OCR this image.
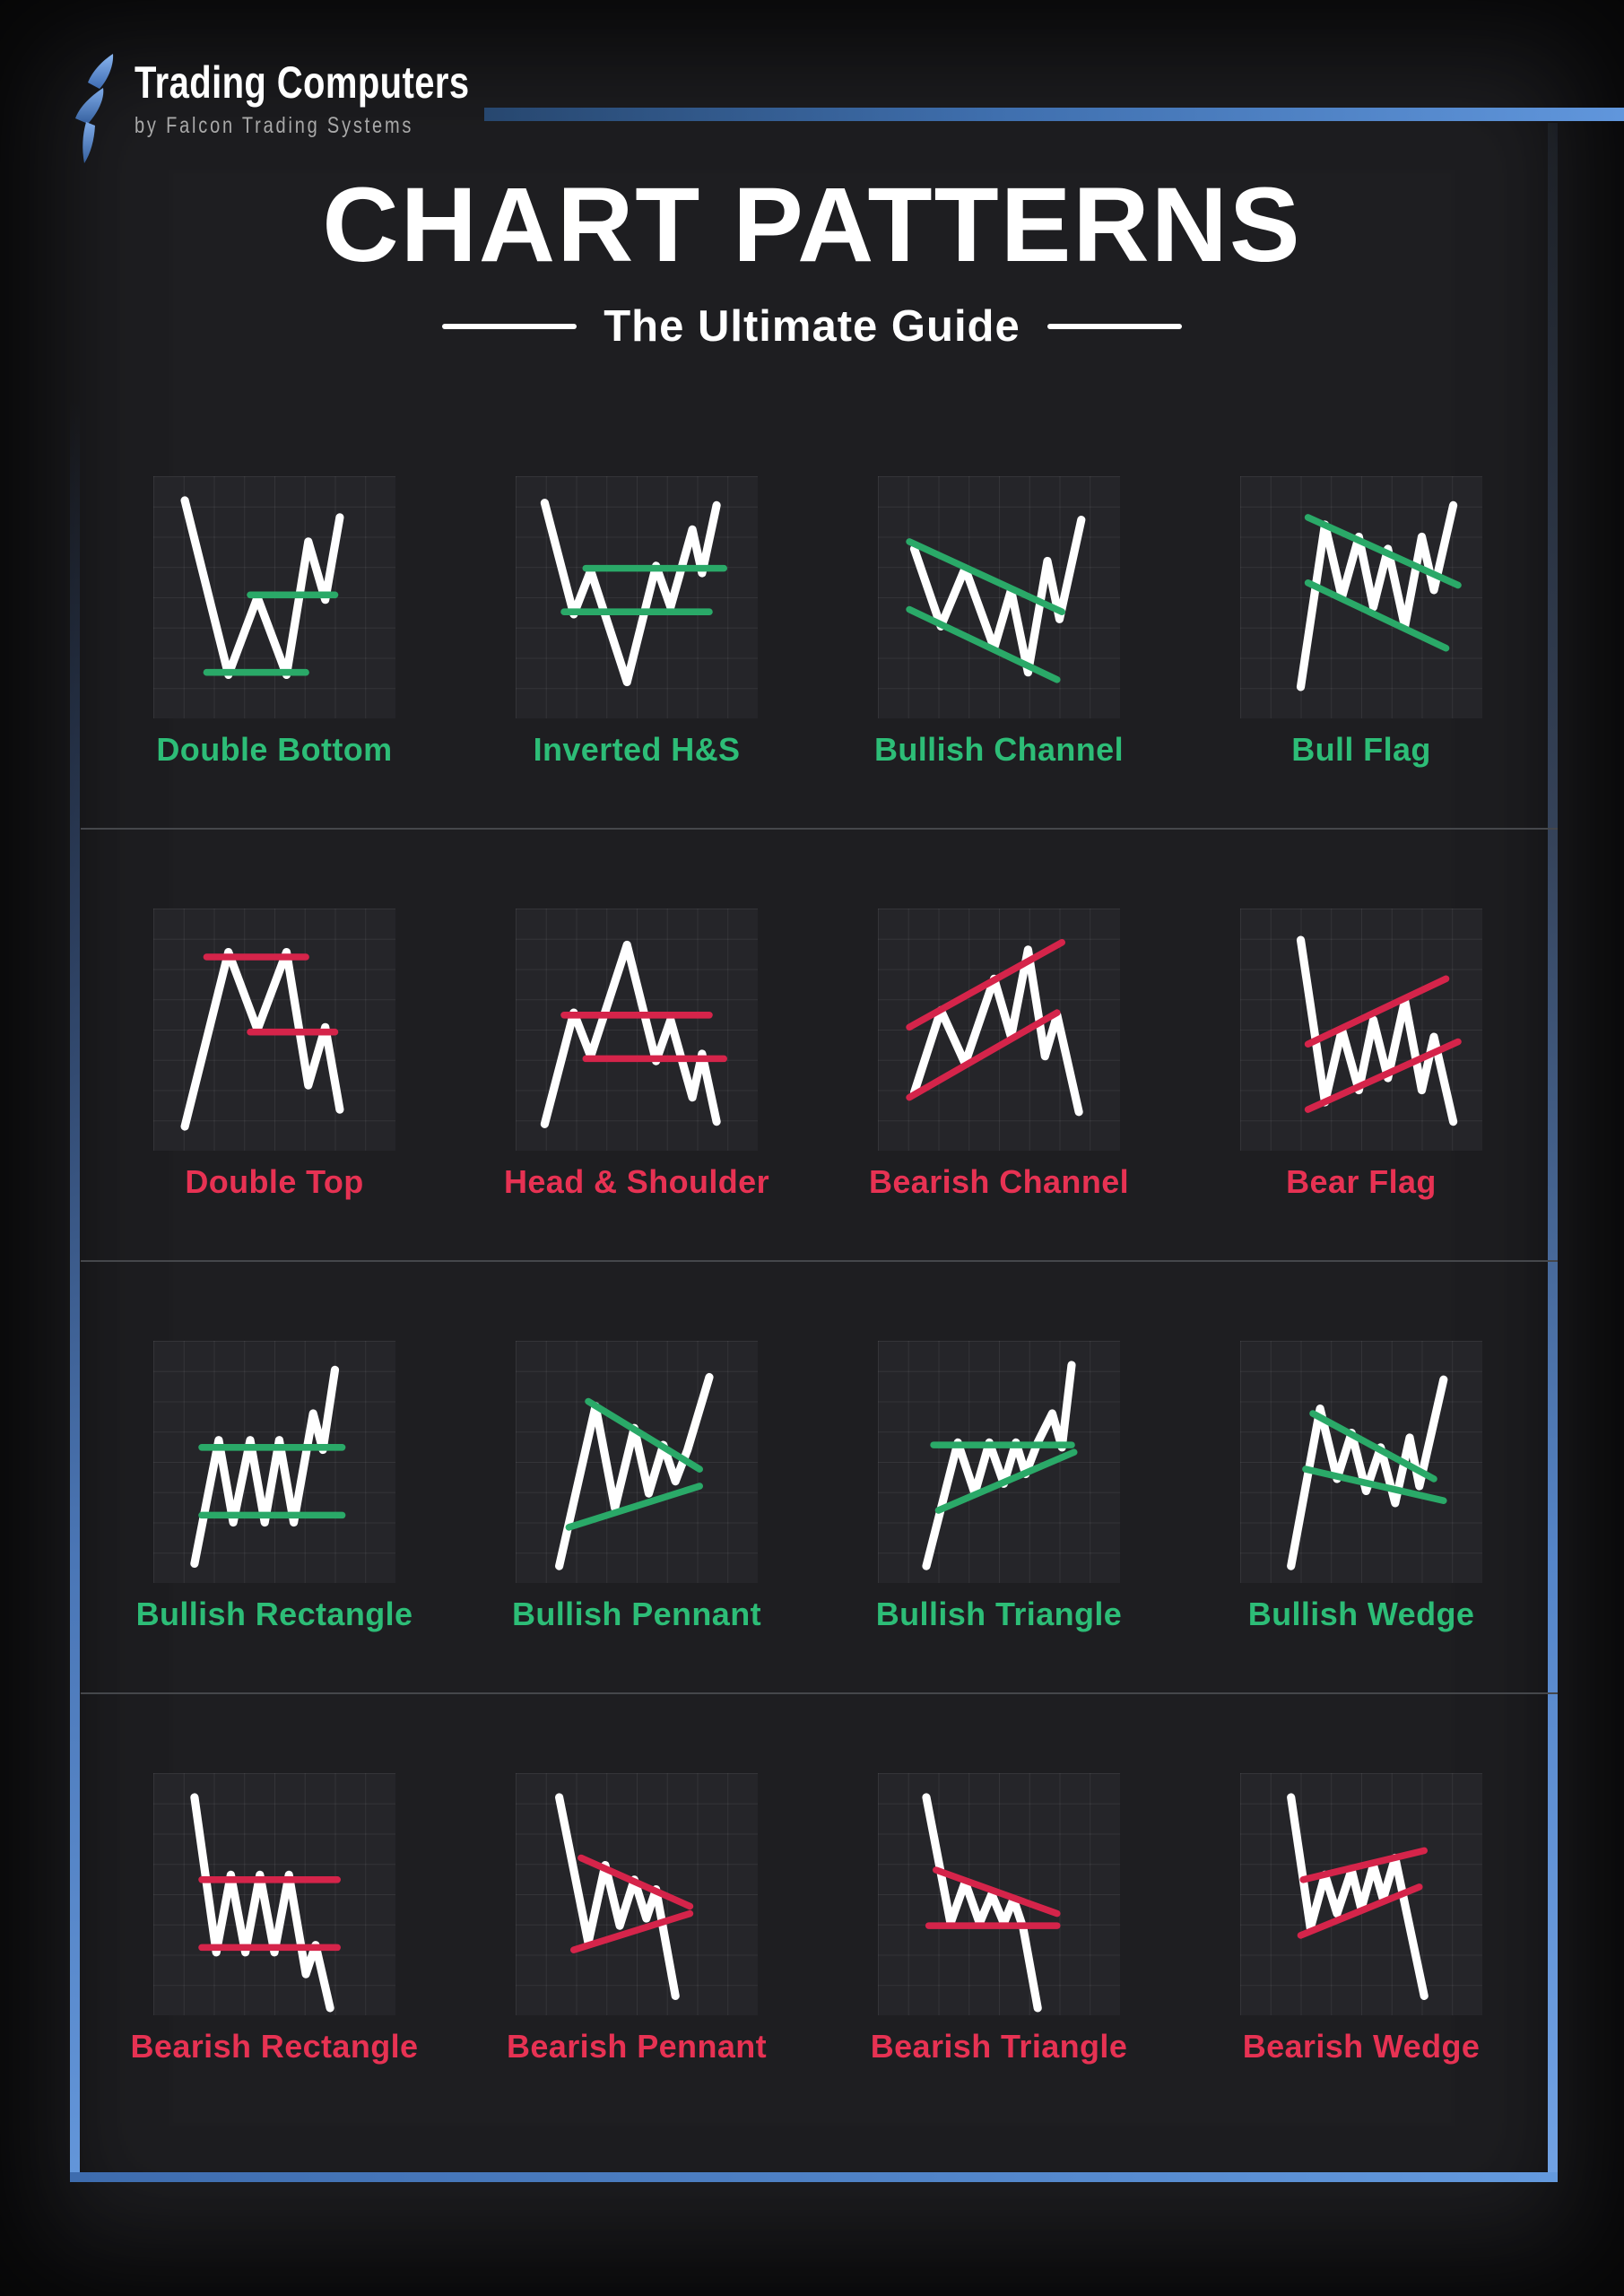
Trading Computers
by Falcon Trading Systems
CHART PATTERNS
The Ultimate Guide
Double Bottom	Inverted H&S	Bullish Channel	Bull Flag
Double Top	Head & Shoulder	Bearish Channel	Bear Flag
Bullish Rectangle	Bullish Pennant	Bullish Triangle	Bullish Wedge
Bearish Rectangle	Bearish Pennant	Bearish Triangle	Bearish Wedge
